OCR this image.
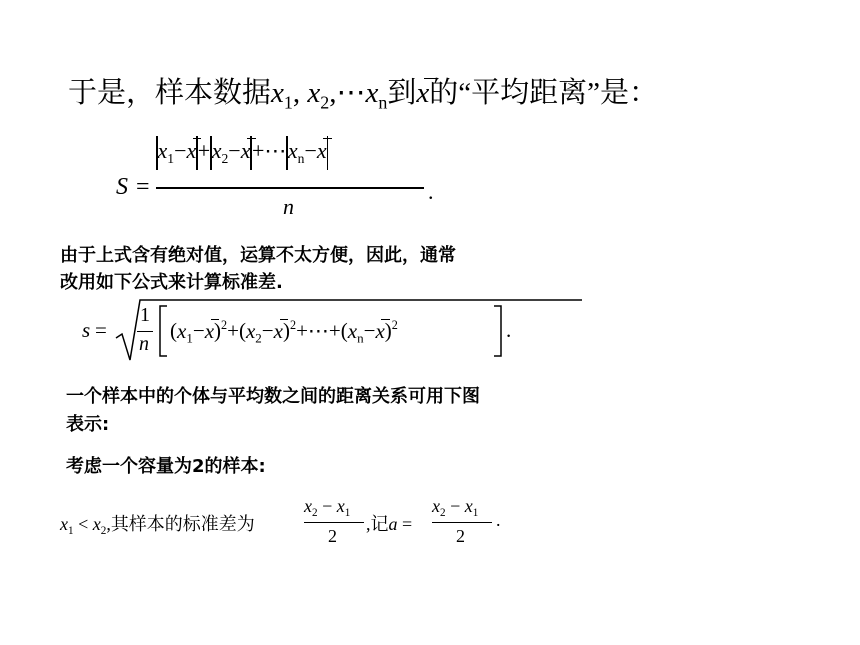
于是，样本数据$x_1$, $x_2,\cdots x_n$到x的“平均距离”是：
S =
$x_1-x+x_2-x+\cdots x_n-x$
n
.
由于上式含有绝对值，运算不太方便，因此，通常
改用如下公式来计算标准差.
s =
1
n
$(x_1-x)^2+(x_2-x)^2+\cdots+(x_n-x)^2$	.
一个样本中的个体与平均数之间的距离关系可用下图
表示:
考虑一个容量为2的样本:
$x_1 < x_2$,其样本的标准差为
$x_2 - x_1$
2
,记a =
$x_2 - x_1$
2
.
